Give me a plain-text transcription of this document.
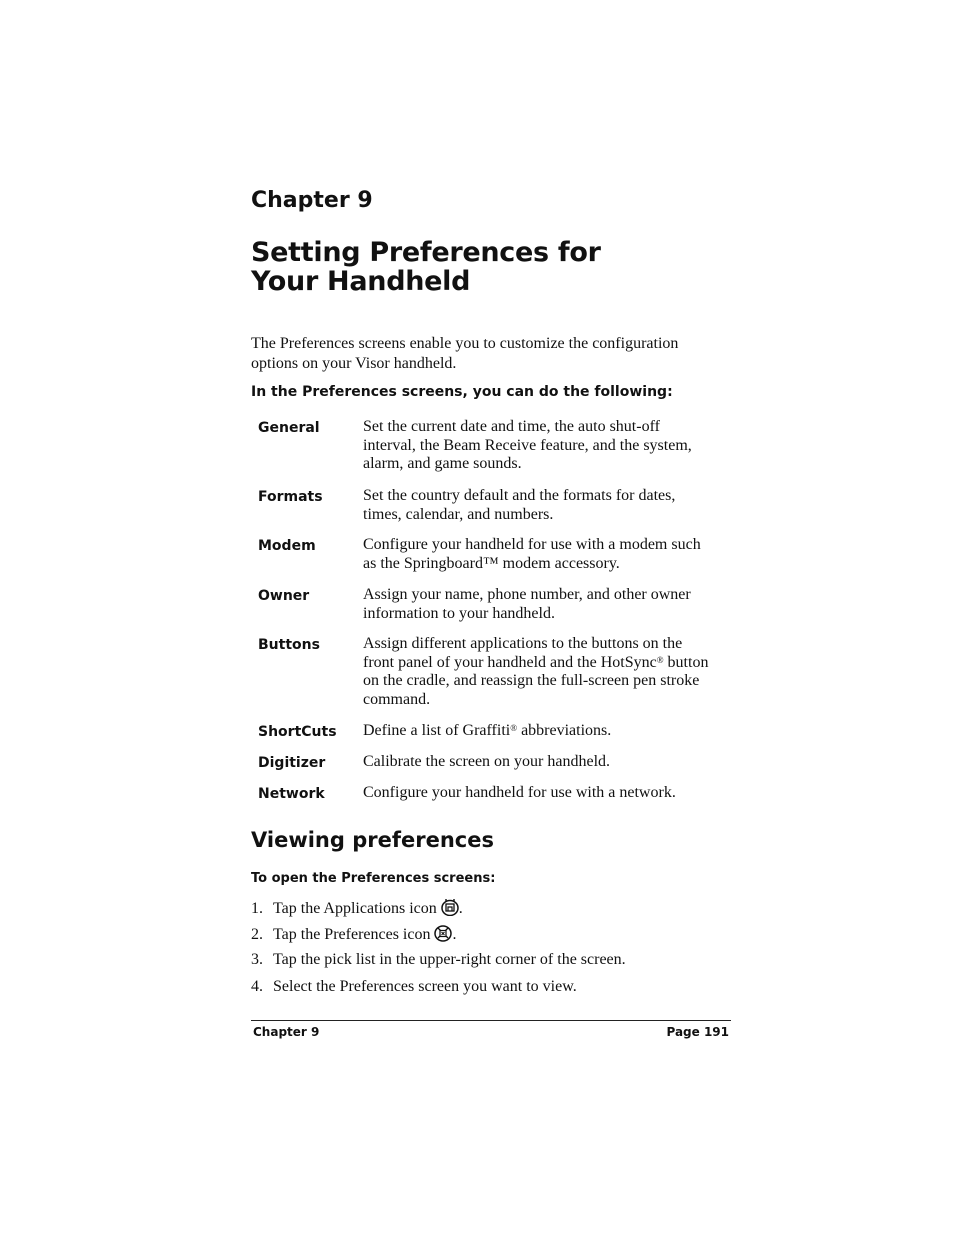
Chapter 9
Setting Preferences for
Your Handheld

The Preferences screens enable you to customize the configuration options on your Visor handheld.

In the Preferences screens, you can do the following:

General	Set the current date and time, the auto shut-off interval, the Beam Receive feature, and the system, alarm, and game sounds.
Formats	Set the country default and the formats for dates, times, calendar, and numbers.
Modem	Configure your handheld for use with a modem such as the Springboard™ modem accessory.
Owner	Assign your name, phone number, and other owner information to your handheld.
Buttons	Assign different applications to the buttons on the front panel of your handheld and the HotSync® button on the cradle, and reassign the full-screen pen stroke command.
ShortCuts Define a list of Graffiti® abbreviations.
Digitizer Calibrate the screen on your handheld.
Network Configure your handheld for use with a network.
Viewing preferences

To open the Preferences screens:

1. Tap the Applications icon .
2. Tap the Preferences icon .
3. Tap the pick list in the upper-right corner of the screen.
4. Select the Preferences screen you want to view.
Chapter 9	Page 191
